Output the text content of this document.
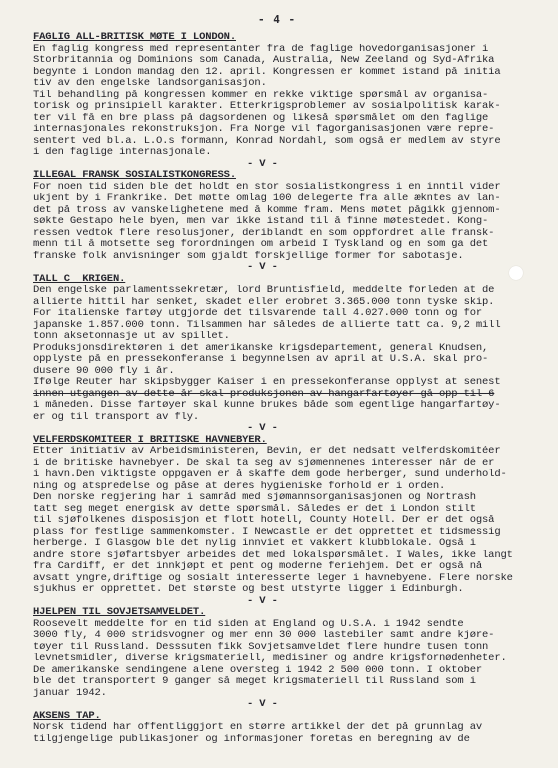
- 4 -
FAGLIG ALL-BRITISK MØTE I LONDON.
En faglig kongress med representanter fra de faglige hovedorganisasjoner i
Storbritannia og Dominions som Canada, Australia, New Zeeland og Syd-Afrika
begynte i London mandag den 12. april. Kongressen er kommet istand på initia
tiv av den engelske landsorganisasjon.
Til behandling på kongressen kommer en rekke viktige spørsmål av organisa-
torisk og prinsipiell karakter. Etterkrigsproblemer av sosialpolitisk karak-
ter vil få en bre plass på dagsordenen og likeså spørsmålet om den faglige
internasjonales rekonstruksjon. Fra Norge vil fagorganisasjonen være repre-
sentert ved bl.a. L.O.s formann, Konrad Nordahl, som også er medlem av styre
i den faglige internasjonale.
- V -
ILLEGAL FRANSK SOSIALISTKONGRESS.
For noen tid siden ble det holdt en stor sosialistkongress i en inntil vider
ukjent by i Frankrike. Det møtte omlag 100 delegerte fra alle ækntes av lan-
det på tross av vanskelighetene med å komme fram. Mens møtet pågikk gjennom-
søkte Gestapo hele byen, men var ikke istand til å finne møtestedet. Kong-
ressen vedtok flere resolusjoner, deriblandt en som oppfordret alle fransk-
menn til å motsette seg forordningen om arbeid I Tyskland og en som ga det
franske folk anvisninger som gjaldt forskjellige former for sabotasje.
- V -
TALL C  KRIGEN.
Den engelske parlamentssekretær, lord Bruntisfield, meddelte forleden at de
allierte hittil har senket, skadet eller erobret 3.365.000 tonn tyske skip.
For italienske fartøy utgjorde det tilsvarende tall 4.027.000 tonn og for
japanske 1.857.000 tonn. Tilsammen har således de allierte tatt ca. 9,2 mill
tonn aksetonnasje ut av spillet.
Produksjonsdirektøren i det amerikanske krigsdepartement, general Knudsen,
opplyste på en pressekonferanse i begynnelsen av april at U.S.A. skal pro-
dusere 90 000 fly i år.
Ifølge Reuter har skipsbygger Kaiser i en pressekonferanse opplyst at senest
innen utgangen av dette år skal produksjonen av hangarfartøyer gå opp til 6
i måneden. Disse fartøyer skal kunne brukes både som egentlige hangarfartøy-
er og til transport av fly.
- V -
VELFERDSKOMITÉER I BRITISKE HAVNEBYER.
Etter initiativ av Arbeidsministeren, Bevin, er det nedsatt velferdskomitéer
i de britiske havnebyer. De skal ta seg av sjømennenes interesser når de er
i havn.Den viktigste oppgaven er å skaffe dem gode herberger, sund underhold-
ning og atspredelse og påse at deres hygieniske forhold er i orden.
Den norske regjering har i samråd med sjømannsorganisasjonen og Nortrash
tatt seg meget energisk av dette spørsmål. Således er det i London stilt
til sjøfolkenes disposisjon et flott hotell, County Hotell. Der er det også
plass for festlige sammenkomster. I Newcastle er det opprettet et tidsmessig
herberge. I Glasgow ble det nylig innviet et vakkert klubblokale. Også i
andre store sjøfartsbyer arbeides det med lokalspørsmålet. I Wales, ikke langt
fra Cardiff, er det innkjøpt et pent og moderne feriehjem. Det er også nå
avsatt yngre,driftige og sosialt interesserte leger i havnebyene. Flere norske
sjukhus er opprettet. Det største og best utstyrte ligger i Edinburgh.
- V -
HJELPEN TIL SOVJETSAMVELDET.
Roosevelt meddelte for en tid siden at England og U.S.A. i 1942 sendte
3000 fly, 4 000 stridsvogner og mer enn 30 000 lastebiler samt andre kjøre-
tøyer til Russland. Desssuten fikk Sovjetsamveldet flere hundre tusen tonn
levnetsmidler, diverse krigsmateriell, medisiner og andre krigsfornødenheter.
De amerikanske sendingene alene oversteg i 1942 2 500 000 tonn. I oktober
ble det transportert 9 ganger så meget krigsmateriell til Russland som i
januar 1942.
- V -
AKSENS TAP.
Norsk tidend har offentliggjort en større artikkel der det på grunnlag av
tilgjengelige publikasjoner og informasjoner foretas en beregning av de
